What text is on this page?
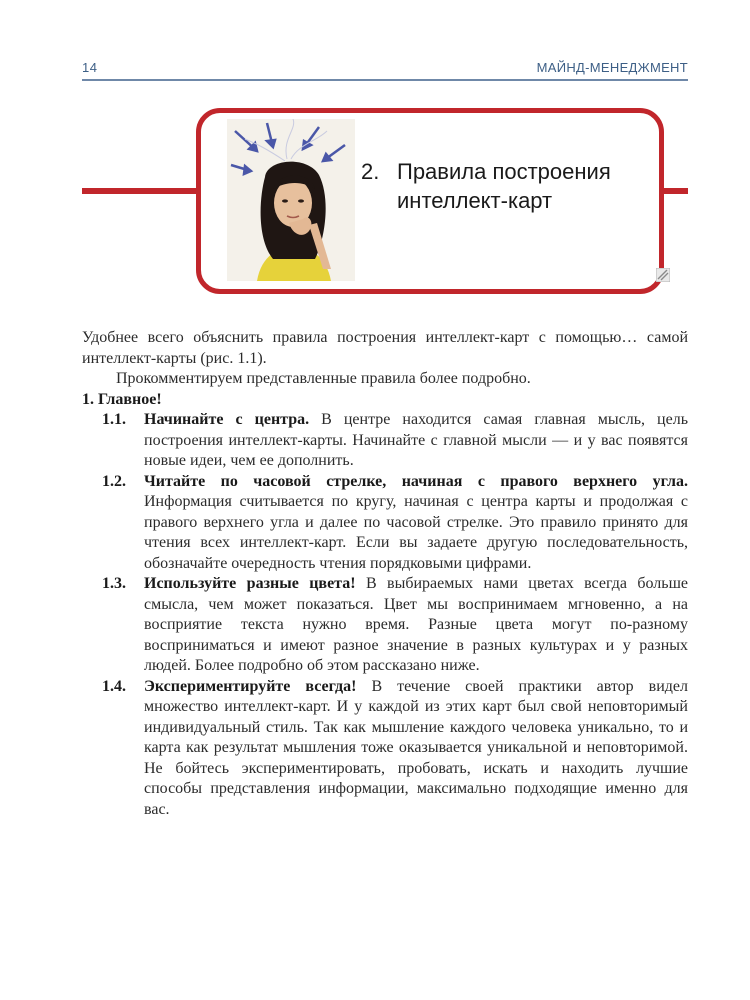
14	МАЙНД-МЕНЕДЖМЕНТ
2. Правила построения
интеллект-карт

Удобнее всего объяснить правила построения интеллект-карт с помощью… самой интеллект-карты (рис. 1.1).

Прокомментируем представленные правила более подробно.

1. Главное!

1.1. Начинайте с центра. В центре находится самая главная мысль, цель построения интеллект-карты. Начинайте с главной мысли — и у вас появятся новые идеи, чем ее дополнить.

1.2. Читайте по часовой стрелке, начиная с правого верхнего угла. Информация считывается по кругу, начиная с центра карты и продолжая с правого верхнего угла и далее по часовой стрелке. Это правило принято для чтения всех интеллект-карт. Если вы задаете другую последовательность, обозначайте очередность чтения порядковыми цифрами.

1.3. Используйте разные цвета! В выбираемых нами цветах всегда больше смысла, чем может показаться. Цвет мы воспринимаем мгновенно, а на восприятие текста нужно время. Разные цвета могут по-разному восприниматься и имеют разное значение в разных культурах и у разных людей. Более подробно об этом рассказано ниже.

1.4. Экспериментируйте всегда! В течение своей практики автор видел множество интеллект-карт. И у каждой из этих карт был свой неповторимый индивидуальный стиль. Так как мышление каждого человека уникально, то и карта как результат мышления тоже оказывается уникальной и неповторимой. Не бойтесь экспериментировать, пробовать, искать и находить лучшие способы представления информации, максимально подходящие именно для вас.
